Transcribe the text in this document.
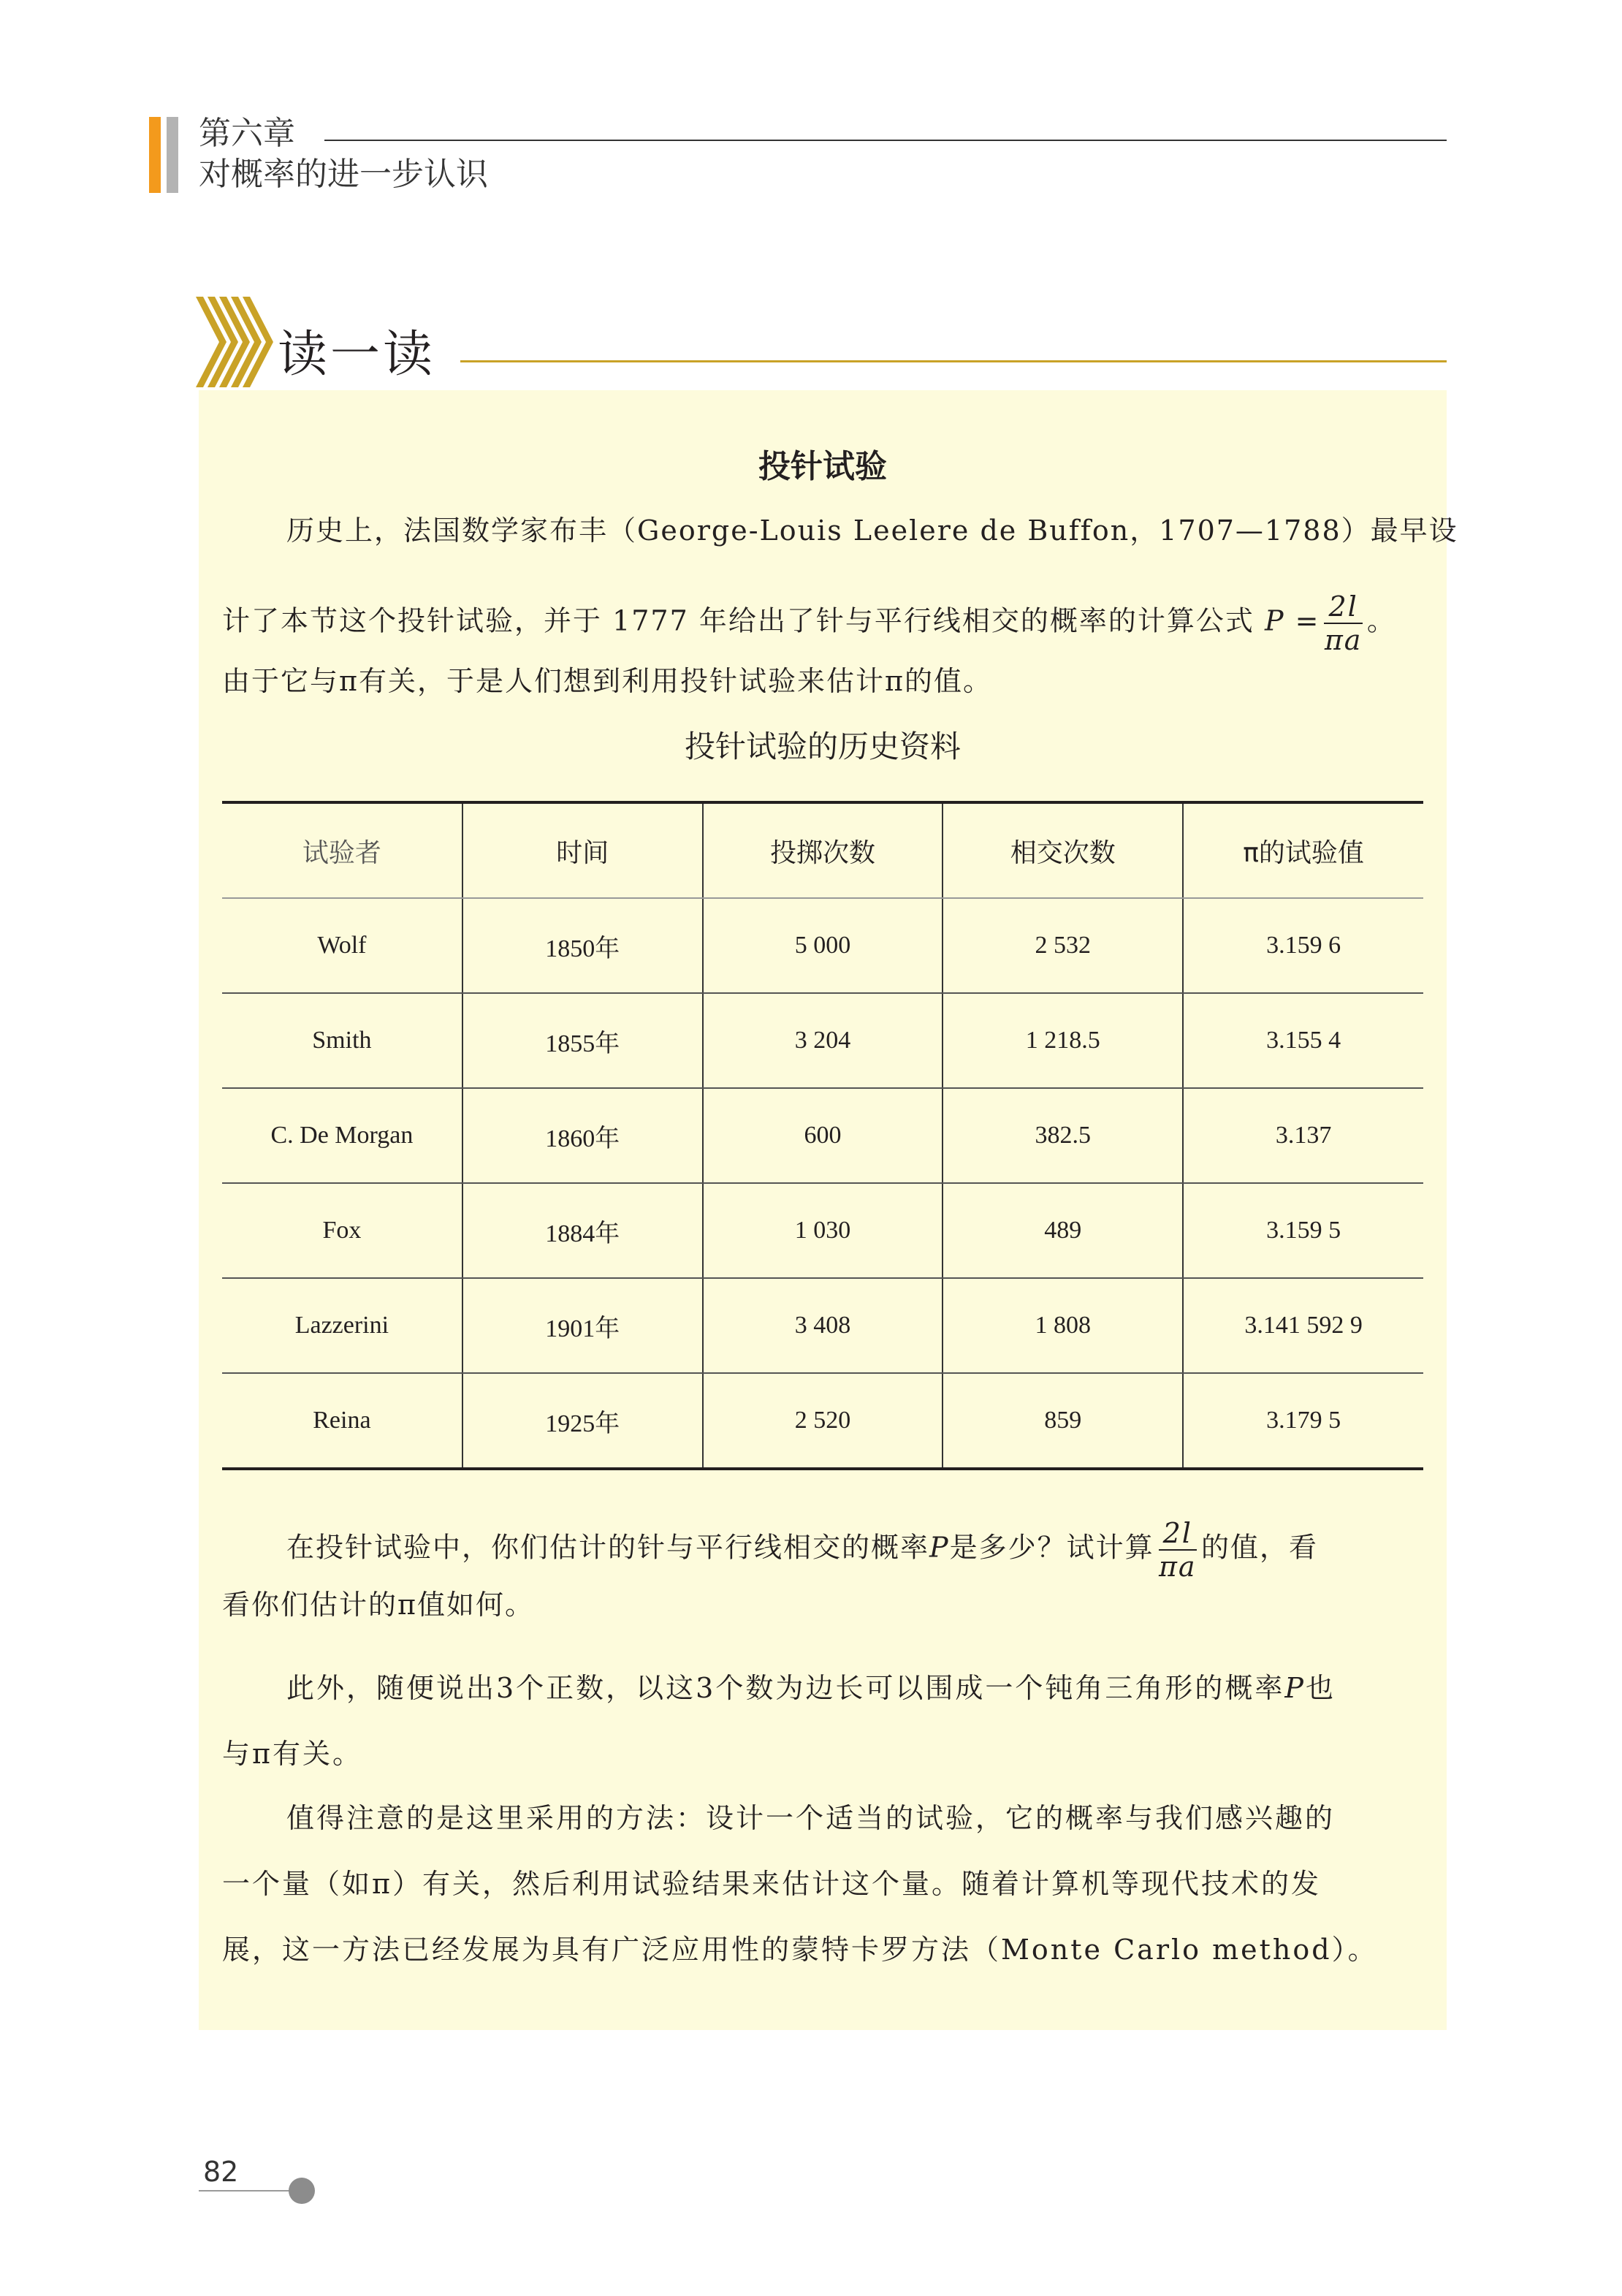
第六章
对概率的进一步认识
读一读
投针试验
历史上，法国数学家布丰（George-Louis Leelere de Buffon，1707—1788）最早设
计了本节这个投针试验，并于 1777 年给出了针与平行线相交的概率的计算公式 $P = \frac{2l}{\pi a}$ 。
由于它与π有关，于是人们想到利用投针试验来估计π的值。
投针试验的历史资料
试验者	时间	投掷次数	相交次数	π的试验值
Wolf	1850年	5 000	2 532	3.159 6
Smith	1855年	3 204	1 218.5	3.155 4
C. De Morgan	1860年	600	382.5	3.137
Fox	1884年	1 030	489	3.159 5
Lazzerini	1901年	3 408	1 808	3.141 592 9
Reina	1925年	2 520	859	3.179 5
在投针试验中，你们估计的针与平行线相交的概率P是多少？试计算 $\frac{2l}{\pi a}$ 的值，看
看你们估计的π值如何。
此外，随便说出3个正数，以这3个数为边长可以围成一个钝角三角形的概率P也
与π有关。
值得注意的是这里采用的方法：设计一个适当的试验，它的概率与我们感兴趣的
一个量（如π）有关，然后利用试验结果来估计这个量。随着计算机等现代技术的发
展，这一方法已经发展为具有广泛应用性的蒙特卡罗方法（Monte Carlo method）。
82
